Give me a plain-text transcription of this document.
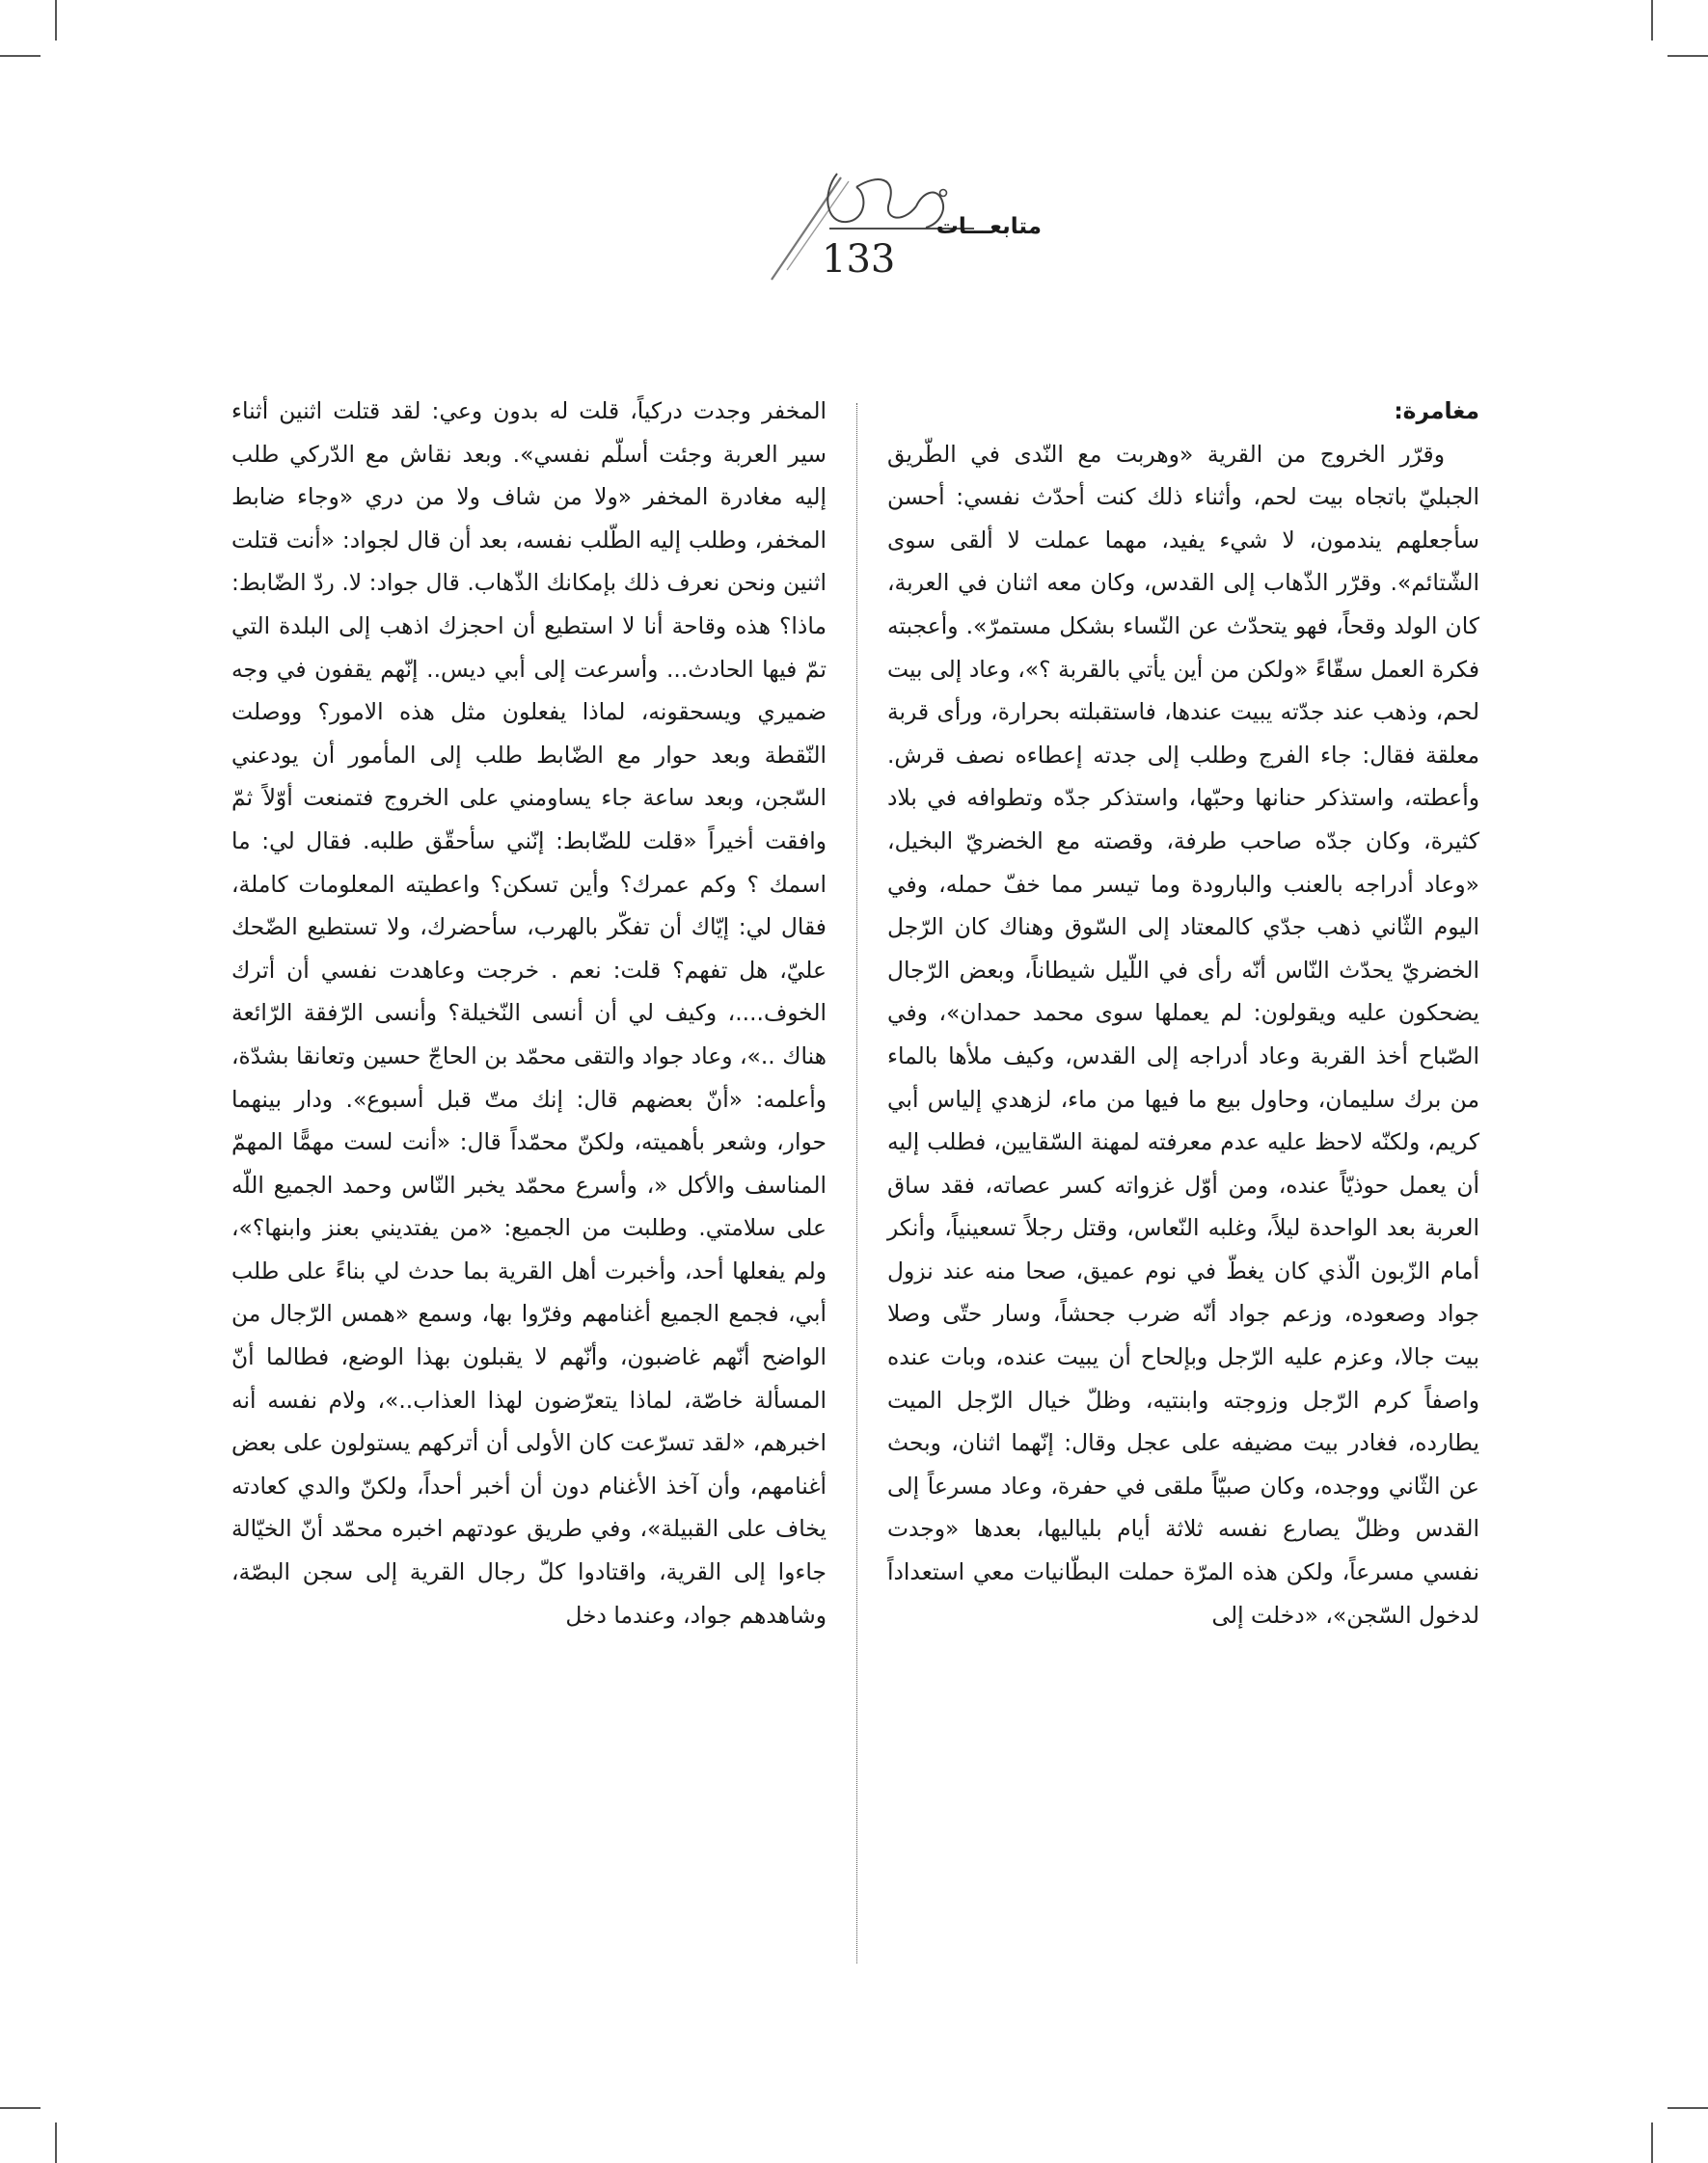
متابعـــات
133

مغامرة:

وقرّر الخروج من القرية «وهربت مع النّدى في الطّريق الجبليّ باتجاه بيت لحم، وأثناء ذلك كنت أحدّث نفسي: أحسن سأجعلهم يندمون، لا شيء يفيد، مهما عملت لا ألقى سوى الشّتائم». وقرّر الذّهاب إلى القدس، وكان معه اثنان في العربة، كان الولد وقحاً، فهو يتحدّث عن النّساء بشكل مستمرّ». وأعجبته فكرة العمل سقّاءً «ولكن من أين يأتي بالقربة ؟»، وعاد إلى بيت لحم، وذهب عند جدّته يبيت عندها، فاستقبلته بحرارة، ورأى قربة معلقة فقال: جاء الفرج وطلب إلى جدته إعطاءه نصف قرش. وأعطته، واستذكر حنانها وحبّها، واستذكر جدّه وتطوافه في بلاد كثيرة، وكان جدّه صاحب طرفة، وقصته مع الخضريّ البخيل، «وعاد أدراجه بالعنب والبارودة وما تيسر مما خفّ حمله، وفي اليوم الثّاني ذهب جدّي كالمعتاد إلى السّوق وهناك كان الرّجل الخضريّ يحدّث النّاس أنّه رأى في اللّيل شيطاناً، وبعض الرّجال يضحكون عليه ويقولون: لم يعملها سوى محمد حمدان»، وفي الصّباح أخذ القربة وعاد أدراجه إلى القدس، وكيف ملأها بالماء من برك سليمان، وحاول بيع ما فيها من ماء، لزهدي إلياس أبي كريم، ولكنّه لاحظ عليه عدم معرفته لمهنة السّقايين، فطلب إليه أن يعمل حوذيّاً عنده، ومن أوّل غزواته كسر عصاته، فقد ساق العربة بعد الواحدة ليلاً، وغلبه النّعاس، وقتل رجلاً تسعينياً، وأنكر أمام الزّبون الّذي كان يغطّ في نوم عميق، صحا منه عند نزول جواد وصعوده، وزعم جواد أنّه ضرب جحشاً، وسار حتّى وصلا بيت جالا، وعزم عليه الرّجل وبإلحاح أن يبيت عنده، وبات عنده واصفاً كرم الرّجل وزوجته وابنتيه، وظلّ خيال الرّجل الميت يطارده، فغادر بيت مضيفه على عجل وقال: إنّهما اثنان، وبحث عن الثّاني ووجده، وكان صبيّاً ملقى في حفرة، وعاد مسرعاً إلى القدس وظلّ يصارع نفسه ثلاثة أيام بلياليها، بعدها «وجدت نفسي مسرعاً، ولكن هذه المرّة حملت البطّانيات معي استعداداً لدخول السّجن»، «دخلت إلى

المخفر وجدت دركياً، قلت له بدون وعي: لقد قتلت اثنين أثناء سير العربة وجئت أسلّم نفسي». وبعد نقاش مع الدّركي طلب إليه مغادرة المخفر «ولا من شاف ولا من دري «وجاء ضابط المخفر، وطلب إليه الطّلب نفسه، بعد أن قال لجواد: «أنت قتلت اثنين ونحن نعرف ذلك بإمكانك الذّهاب. قال جواد: لا. ردّ الضّابط: ماذا؟ هذه وقاحة أنا لا استطيع أن احجزك اذهب إلى البلدة التي تمّ فيها الحادث... وأسرعت إلى أبي ديس.. إنّهم يقفون في وجه ضميري ويسحقونه، لماذا يفعلون مثل هذه الامور؟ ووصلت النّقطة وبعد حوار مع الضّابط طلب إلى المأمور أن يودعني السّجن، وبعد ساعة جاء يساومني على الخروج فتمنعت أوّلاً ثمّ وافقت أخيراً «قلت للضّابط: إنّني سأحقّق طلبه. فقال لي: ما اسمك ؟ وكم عمرك؟ وأين تسكن؟ واعطيته المعلومات كاملة، فقال لي: إيّاك أن تفكّر بالهرب، سأحضرك، ولا تستطيع الضّحك عليّ، هل تفهم؟ قلت: نعم . خرجت وعاهدت نفسي أن أترك الخوف....، وكيف لي أن أنسى النّخيلة؟ وأنسى الرّفقة الرّائعة هناك ..»، وعاد جواد والتقى محمّد بن الحاجّ حسين وتعانقا بشدّة، وأعلمه: «أنّ بعضهم قال: إنك متّ قبل أسبوع». ودار بينهما حوار، وشعر بأهميته، ولكنّ محمّداً قال: «أنت لست مهمًّا المهمّ المناسف والأكل «، وأسرع محمّد يخبر النّاس وحمد الجميع اللّه على سلامتي. وطلبت من الجميع: «من يفتديني بعنز وابنها؟»، ولم يفعلها أحد، وأخبرت أهل القرية بما حدث لي بناءً على طلب أبي، فجمع الجميع أغنامهم وفرّوا بها، وسمع «همس الرّجال من الواضح أنّهم غاضبون، وأنّهم لا يقبلون بهذا الوضع، فطالما أنّ المسألة خاصّة، لماذا يتعرّضون لهذا العذاب..»، ولام نفسه أنه اخبرهم، «لقد تسرّعت كان الأولى أن أتركهم يستولون على بعض أغنامهم، وأن آخذ الأغنام دون أن أخبر أحداً، ولكنّ والدي كعادته يخاف على القبيلة»، وفي طريق عودتهم اخبره محمّد أنّ الخيّالة جاءوا إلى القرية، واقتادوا كلّ رجال القرية إلى سجن البصّة، وشاهدهم جواد، وعندما دخل
